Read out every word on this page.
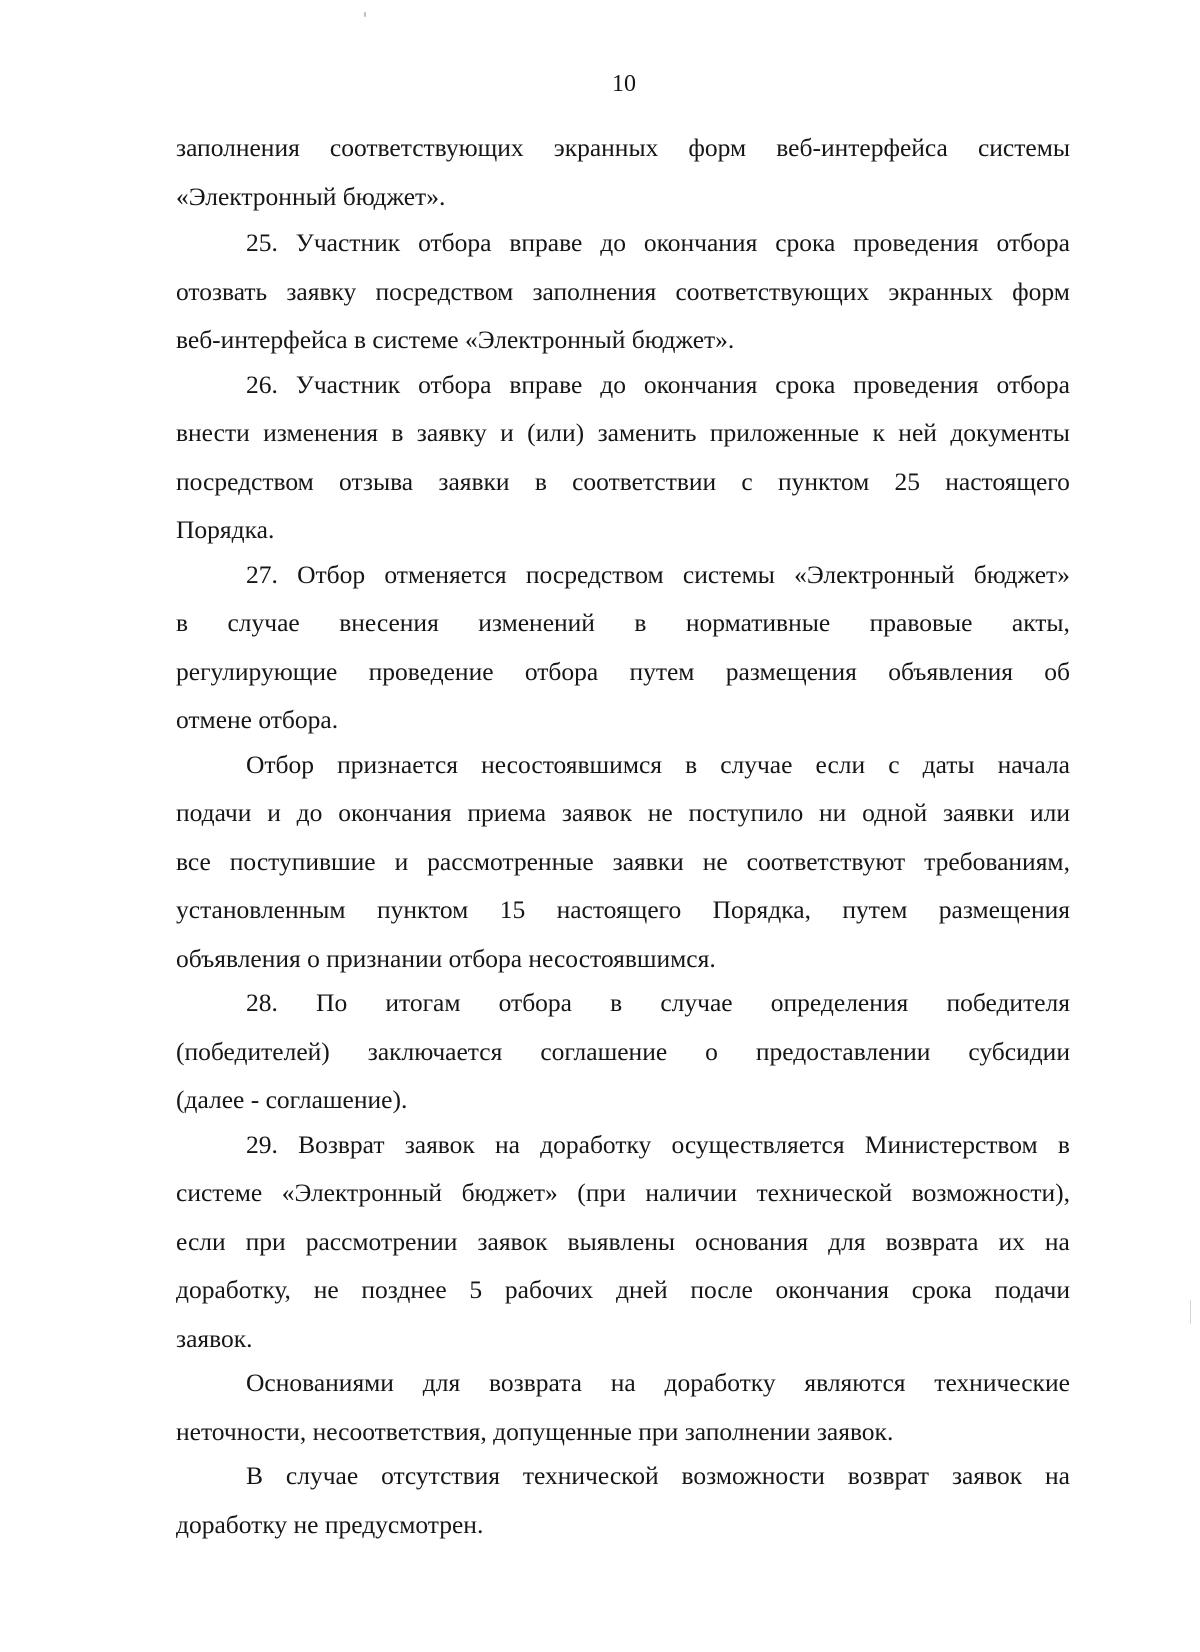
10
заполнения соответствующих экранных форм веб-интерфейса системы
«Электронный бюджет».
25. Участник отбора вправе до окончания срока проведения отбора
отозвать заявку посредством заполнения соответствующих экранных форм
веб-интерфейса в системе «Электронный бюджет».
26. Участник отбора вправе до окончания срока проведения отбора
внести изменения в заявку и (или) заменить приложенные к ней документы
посредством отзыва заявки в соответствии с пунктом 25 настоящего
Порядка.
27. Отбор отменяется посредством системы «Электронный бюджет»
в случае внесения изменений в нормативные правовые акты,
регулирующие проведение отбора путем размещения объявления об
отмене отбора.
Отбор признается несостоявшимся в случае если с даты начала
подачи и до окончания приема заявок не поступило ни одной заявки или
все поступившие и рассмотренные заявки не соответствуют требованиям,
установленным пунктом 15 настоящего Порядка, путем размещения
объявления о признании отбора несостоявшимся.
28. По итогам отбора в случае определения победителя
(победителей) заключается соглашение о предоставлении субсидии
(далее - соглашение).
29. Возврат заявок на доработку осуществляется Министерством в
системе «Электронный бюджет» (при наличии технической возможности),
если при рассмотрении заявок выявлены основания для возврата их на
доработку, не позднее 5 рабочих дней после окончания срока подачи
заявок.
Основаниями для возврата на доработку являются технические
неточности, несоответствия, допущенные при заполнении заявок.
В случае отсутствия технической возможности возврат заявок на
доработку не предусмотрен.
